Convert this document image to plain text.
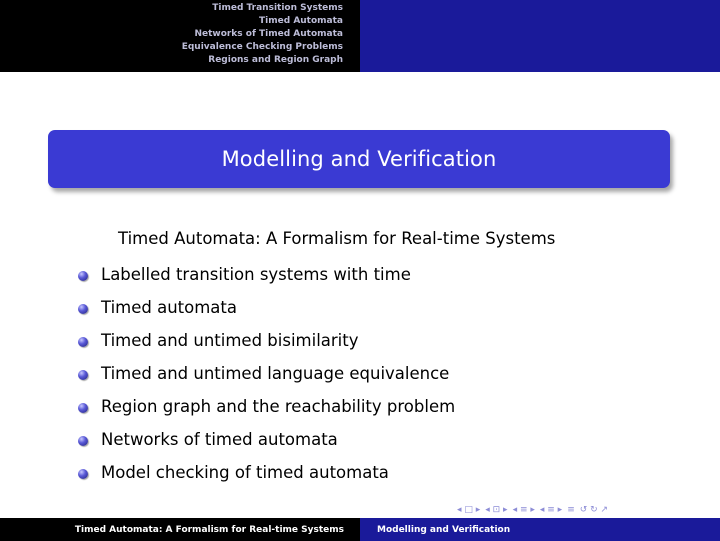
Timed Transition Systems
Timed Automata
Networks of Timed Automata
Equivalence Checking Problems
Regions and Region Graph
Modelling and Verification
Timed Automata: A Formalism for Real-time Systems
Labelled transition systems with time
Timed automata
Timed and untimed bisimilarity
Timed and untimed language equivalence
Region graph and the reachability problem
Networks of timed automata
Model checking of timed automata
◂ □ ▸ ◂ ⊡ ▸ ◂ ≡ ▸ ◂ ≡ ▸ ≡ ↺ ↻ ↗
Timed Automata: A Formalism for Real-time Systems	Modelling and Verification
